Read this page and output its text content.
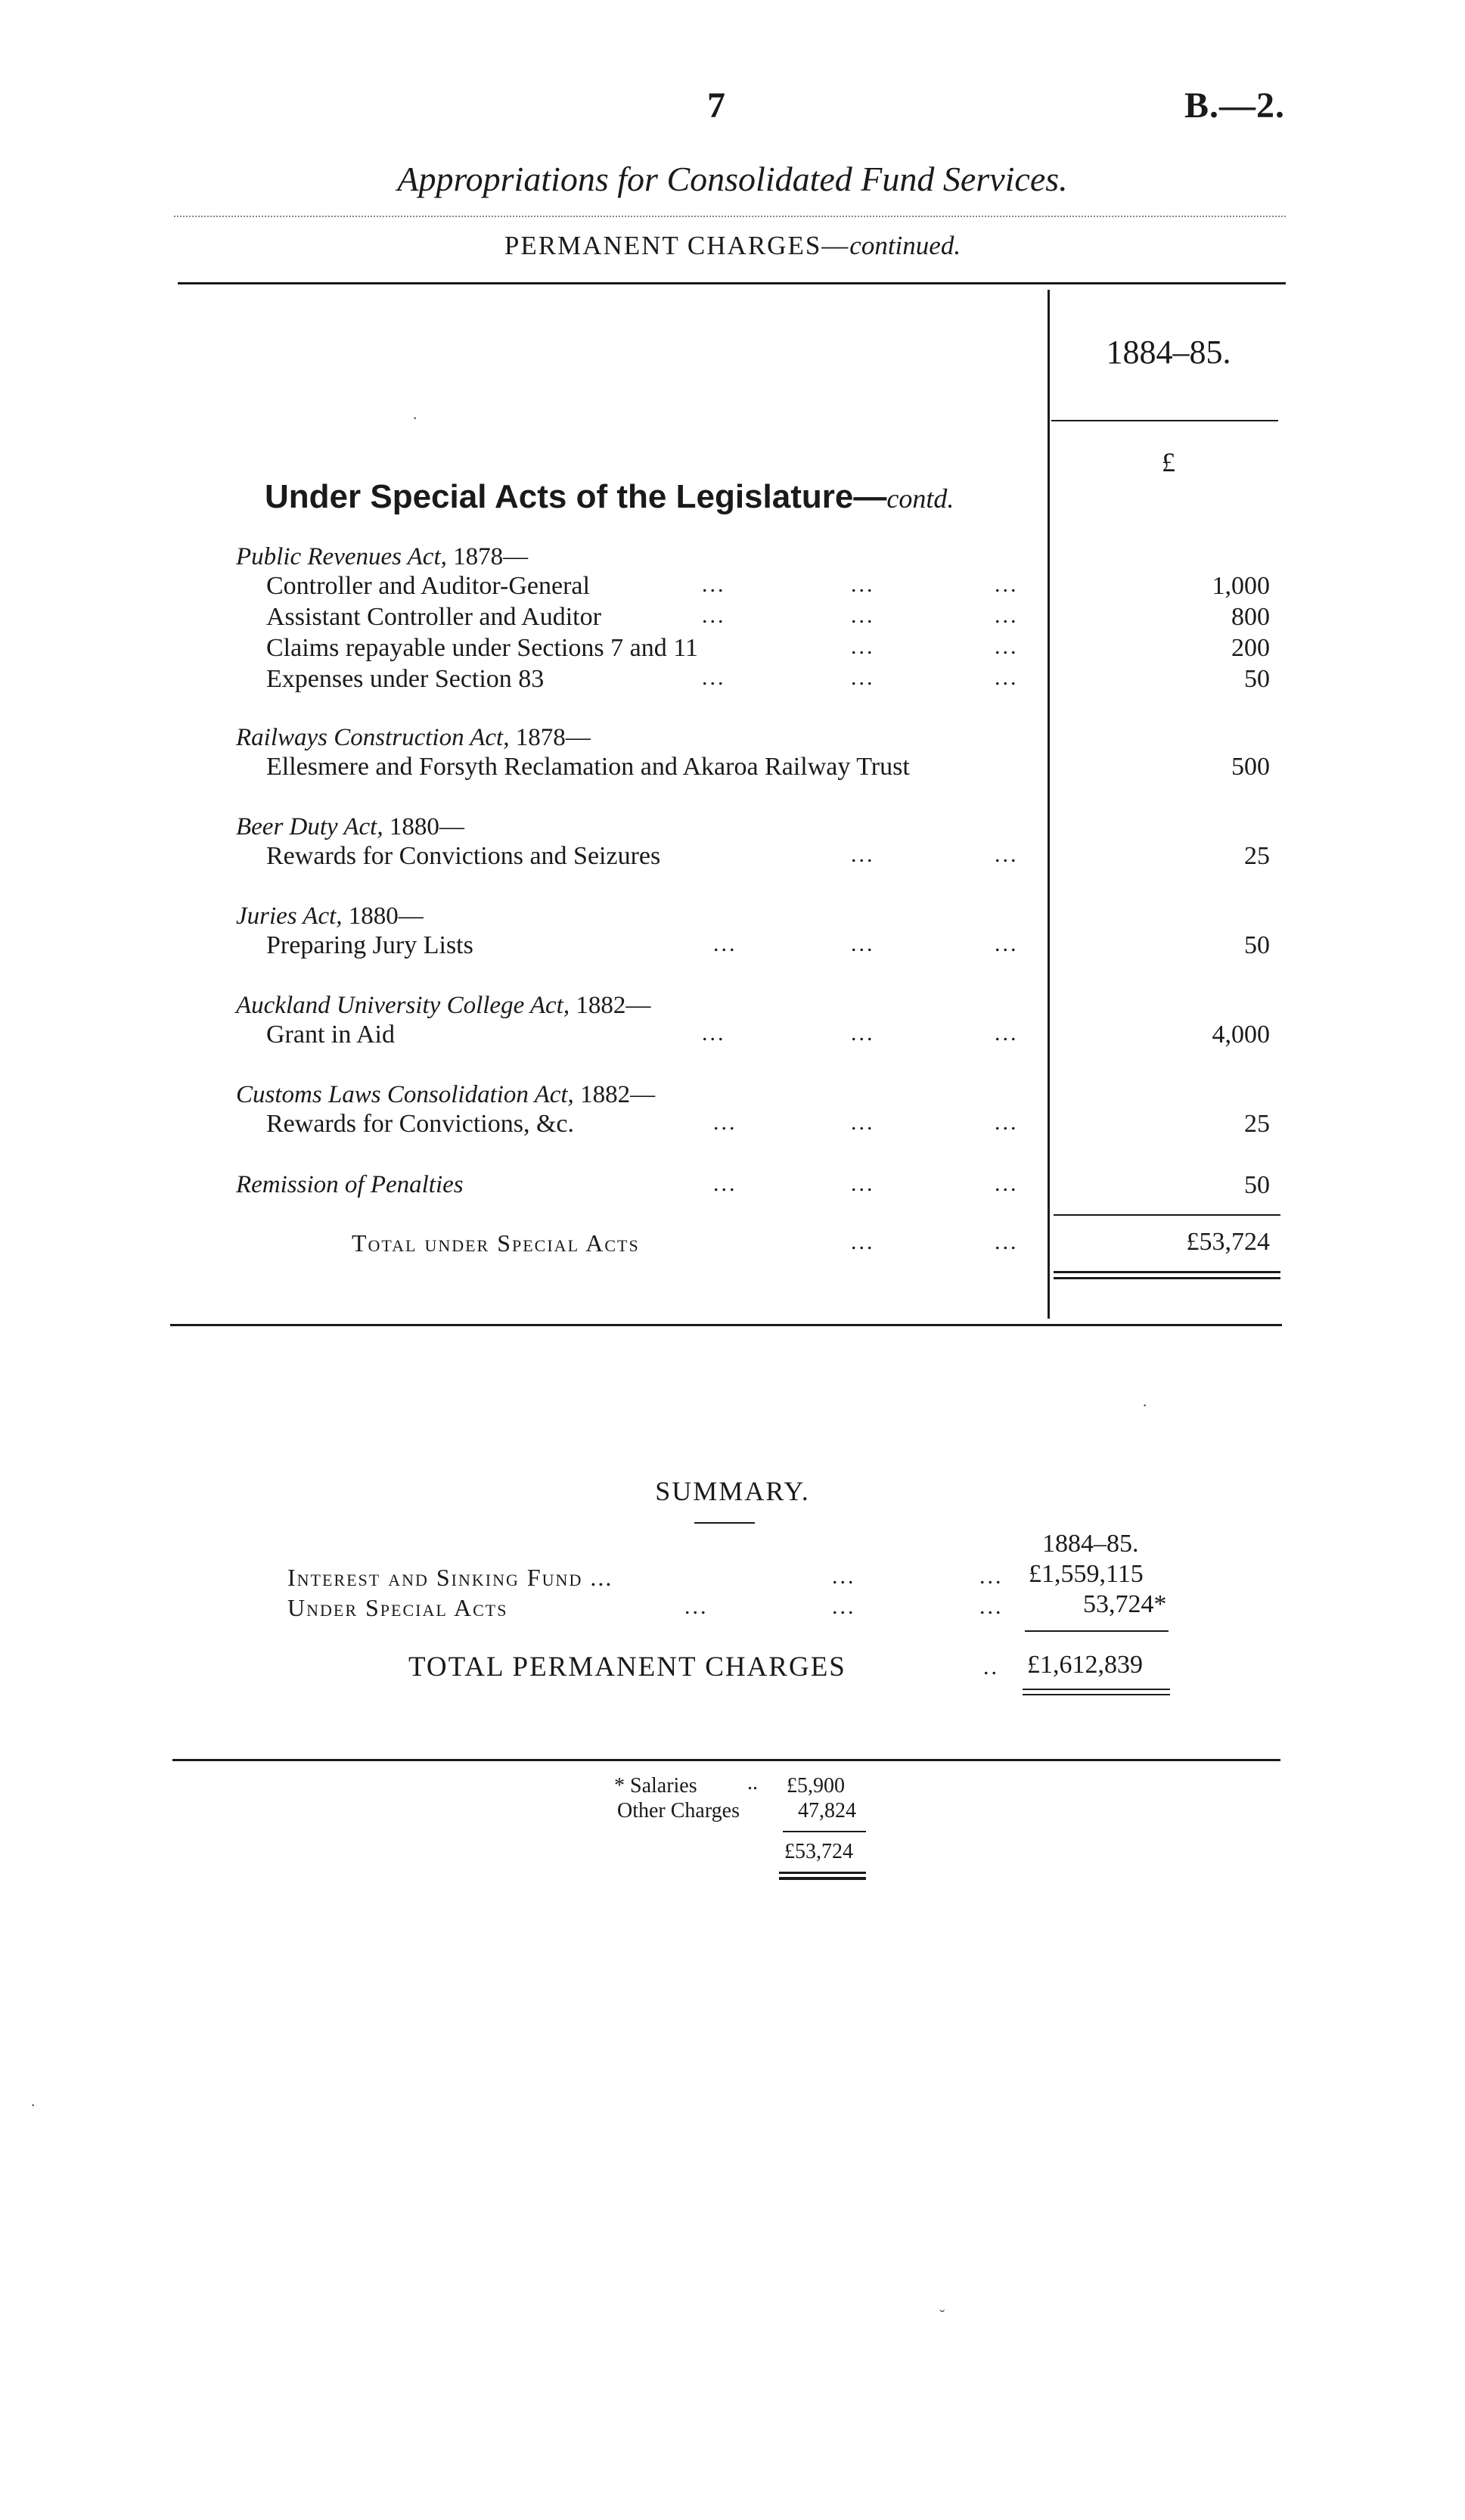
7	B.—2.
Appropriations for Consolidated Fund Services.
PERMANENT CHARGES—continued.
1884–85.
£
Under Special Acts of the Legislature—contd.
Public Revenues Act, 1878—
Controller and Auditor-General	...	...	...	1,000
Assistant Controller and Auditor	...	...	...	800
Claims repayable under Sections 7 and 11	...	...	200
Expenses under Section 83	...	...	...	50
Railways Construction Act, 1878—
Ellesmere and Forsyth Reclamation and Akaroa Railway Trust	500
Beer Duty Act, 1880—
Rewards for Convictions and Seizures	...	...	25
Juries Act, 1880—
Preparing Jury Lists	...	...	...	50
Auckland University College Act, 1882—
Grant in Aid	...	...	...	4,000
Customs Laws Consolidation Act, 1882—
Rewards for Convictions, &c.	...	...	...	25
Remission of Penalties	...	...	...	50
Total under Special Acts	...	...	£53,724
SUMMARY.
1884–85.
Interest and Sinking Fund ...	...	... £1,559,115
Under Special Acts	...	...	...	53,724*
TOTAL PERMANENT CHARGES	.. £1,612,839
* Salaries .. £5,900
Other Charges	47,824
£53,724
·
·
˘
·
